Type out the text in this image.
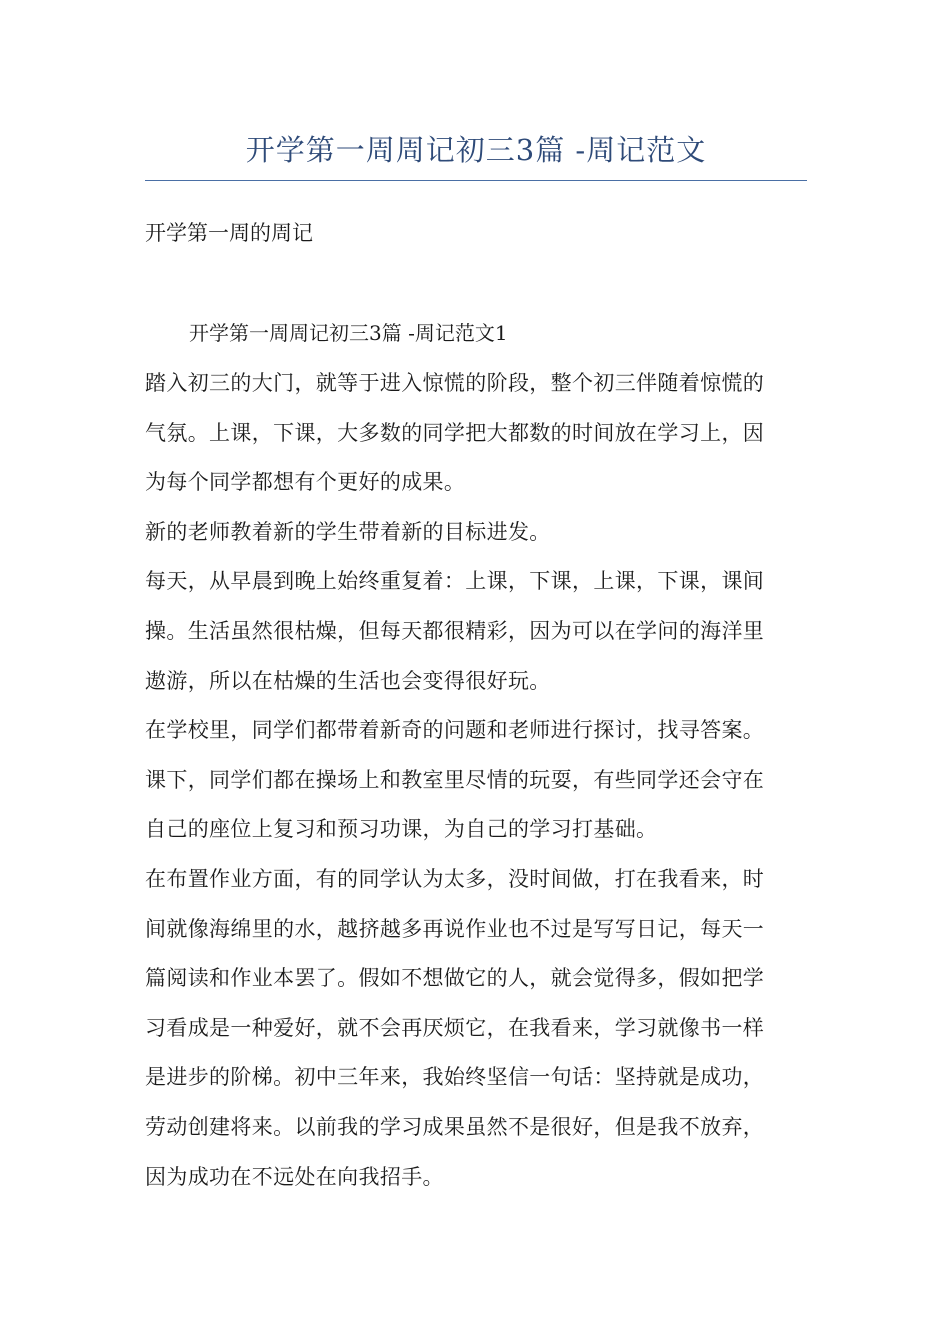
开学第一周周记初三3篇 -周记范文
开学第一周的周记
开学第一周周记初三3篇 -周记范文1
踏入初三的大门，就等于进入惊慌的阶段，整个初三伴随着惊慌的
气氛。上课，下课，大多数的同学把大都数的时间放在学习上，因
为每个同学都想有个更好的成果。
新的老师教着新的学生带着新的目标进发。
每天，从早晨到晚上始终重复着：上课，下课，上课，下课，课间
操。生活虽然很枯燥，但每天都很精彩，因为可以在学问的海洋里
遨游，所以在枯燥的生活也会变得很好玩。
在学校里，同学们都带着新奇的问题和老师进行探讨，找寻答案。
课下，同学们都在操场上和教室里尽情的玩耍，有些同学还会守在
自己的座位上复习和预习功课，为自己的学习打基础。
在布置作业方面，有的同学认为太多，没时间做，打在我看来，时
间就像海绵里的水，越挤越多再说作业也不过是写写日记，每天一
篇阅读和作业本罢了。假如不想做它的人，就会觉得多，假如把学
习看成是一种爱好，就不会再厌烦它，在我看来，学习就像书一样
是进步的阶梯。初中三年来，我始终坚信一句话：坚持就是成功，
劳动创建将来。以前我的学习成果虽然不是很好，但是我不放弃，
因为成功在不远处在向我招手。
